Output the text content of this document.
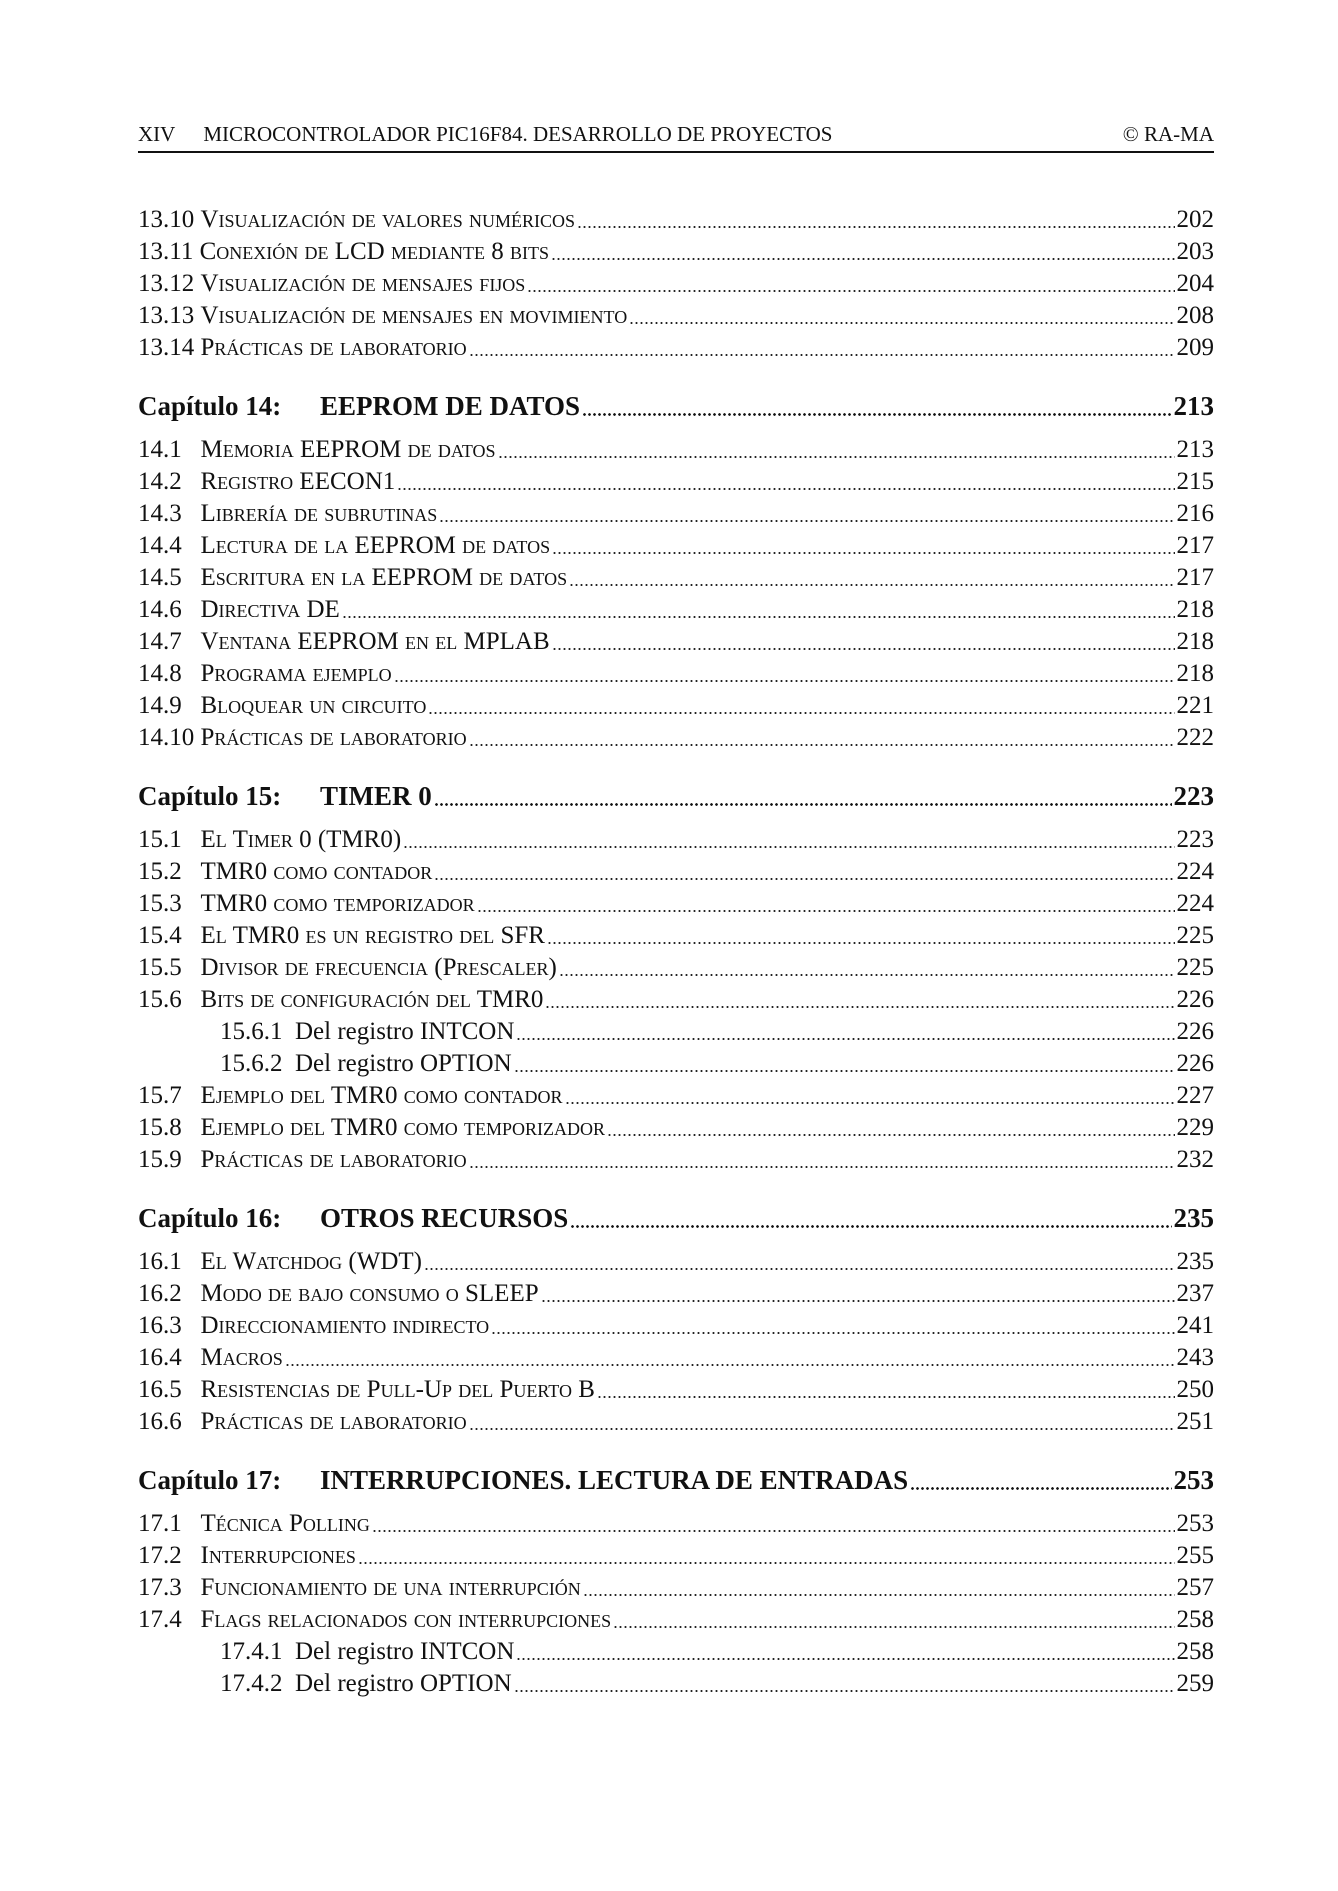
XIV MICROCONTROLADOR PIC16F84. DESARROLLO DE PROYECTOS	© RA-MA
13.10 Visualización de valores numéricos	202
13.11 Conexión de LCD mediante 8 bits	203
13.12 Visualización de mensajes fijos	204
13.13 Visualización de mensajes en movimiento	208
13.14 Prácticas de laboratorio	209
Capítulo 14:	EEPROM DE DATOS	213
14.1 Memoria EEPROM de datos	213
14.2 Registro EECON1	215
14.3 Librería de subrutinas	216
14.4 Lectura de la EEPROM de datos	217
14.5 Escritura en la EEPROM de datos	217
14.6 Directiva DE	218
14.7 Ventana EEPROM en el MPLAB	218
14.8 Programa ejemplo	218
14.9 Bloquear un circuito	221
14.10 Prácticas de laboratorio	222
Capítulo 15:	TIMER 0	223
15.1 El Timer 0 (TMR0)	223
15.2 TMR0 como contador	224
15.3 TMR0 como temporizador	224
15.4 El TMR0 es un registro del SFR	225
15.5 Divisor de frecuencia (Prescaler)	225
15.6 Bits de configuración del TMR0	226
15.6.1 Del registro INTCON	226
15.6.2 Del registro OPTION	226
15.7 Ejemplo del TMR0 como contador	227
15.8 Ejemplo del TMR0 como temporizador	229
15.9 Prácticas de laboratorio	232
Capítulo 16:	OTROS RECURSOS	235
16.1 El Watchdog (WDT)	235
16.2 Modo de bajo consumo o SLEEP	237
16.3 Direccionamiento indirecto	241
16.4 Macros	243
16.5 Resistencias de Pull-Up del Puerto B	250
16.6 Prácticas de laboratorio	251
Capítulo 17:	INTERRUPCIONES. LECTURA DE ENTRADAS	253
17.1 Técnica Polling	253
17.2 Interrupciones	255
17.3 Funcionamiento de una interrupción	257
17.4 Flags relacionados con interrupciones	258
17.4.1 Del registro INTCON	258
17.4.2 Del registro OPTION	259
